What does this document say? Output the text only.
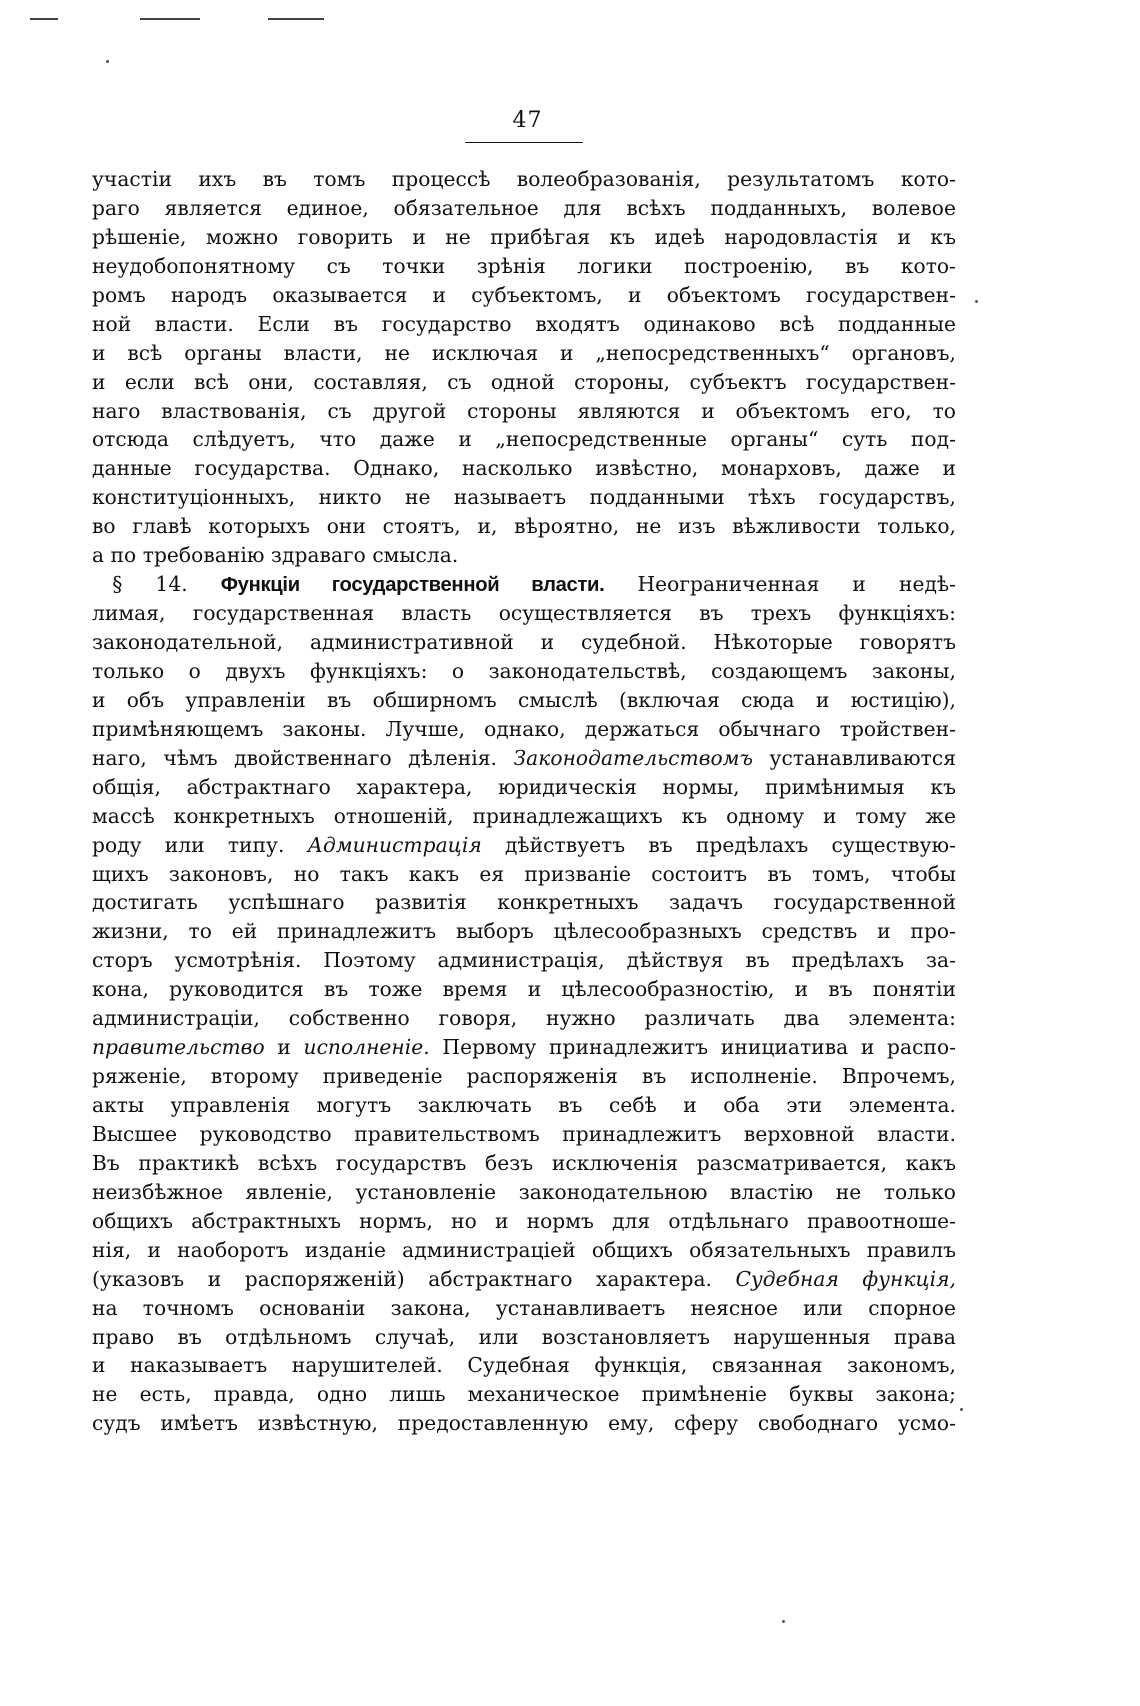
47
участiи ихъ въ томъ процессѣ волеобразованiя, результатомъ кото-
раго является единое, обязательное для всѣхъ подданныхъ, волевое
рѣшенiе, можно говорить и не прибѣгая къ идеѣ народовластiя и къ
неудобопонятному съ точки зрѣнiя логики построенiю, въ кото-
ромъ народъ оказывается и субъектомъ, и объектомъ государствен-
ной власти. Если въ государство входятъ одинаково всѣ подданные
и всѣ органы власти, не исключая и „непосредственныхъ“ органовъ,
и если всѣ они, составляя, съ одной стороны, субъектъ государствен-
наго властвованiя, съ другой стороны являются и объектомъ его, то
отсюда слѣдуетъ, что даже и „непосредственные органы“ суть под-
данные государства. Однако, насколько извѣстно, монарховъ, даже и
конституцiонныхъ, никто не называетъ подданными тѣхъ государствъ,
во главѣ которыхъ они стоятъ, и, вѣроятно, не изъ вѣжливости только,
а по требованiю здраваго смысла.
 § 14. Функцiи государственной власти. Неограниченная и недѣ-
лимая, государственная власть осуществляется въ трехъ функцiяхъ:
законодательной, административной и судебной. Нѣкоторые говорятъ
только о двухъ функцiяхъ: о законодательствѣ, создающемъ законы,
и объ управленiи въ обширномъ смыслѣ (включая сюда и юстицiю),
примѣняющемъ законы. Лучше, однако, держаться обычнаго тройствен-
наго, чѣмъ двойственнаго дѣленiя. Законодательствомъ устанавливаются
общiя, абстрактнаго характера, юридическiя нормы, примѣнимыя къ
массѣ конкретныхъ отношенiй, принадлежащихъ къ одному и тому же
роду или типу. Администрацiя дѣйствуетъ въ предѣлахъ существую-
щихъ законовъ, но такъ какъ ея призванiе состоитъ въ томъ, чтобы
достигать успѣшнаго развитiя конкретныхъ задачъ государственной
жизни, то ей принадлежитъ выборъ цѣлесообразныхъ средствъ и про-
сторъ усмотрѣнiя. Поэтому администрацiя, дѣйствуя въ предѣлахъ за-
кона, руководится въ тоже время и цѣлесообразностiю, и въ понятiи
администрацiи, собственно говоря, нужно различать два элемента:
правительство и исполненiе. Первому принадлежитъ инициатива и распо-
ряженiе, второму приведенiе распоряженiя въ исполненiе. Впрочемъ,
акты управленiя могутъ заключать въ себѣ и оба эти элемента.
Высшее руководство правительствомъ принадлежитъ верховной власти.
Въ практикѣ всѣхъ государствъ безъ исключенiя разсматривается, какъ
неизбѣжное явленiе, установленiе законодательною властiю не только
общихъ абстрактныхъ нормъ, но и нормъ для отдѣльнаго правоотноше-
нiя, и наоборотъ изданiе администрацiей общихъ обязательныхъ правилъ
(указовъ и распоряженiй) абстрактнаго характера. Судебная функцiя,
на точномъ основанiи закона, устанавливаетъ неясное или спорное
право въ отдѣльномъ случаѣ, или возстановляетъ нарушенныя права
и наказываетъ нарушителей. Судебная функцiя, связанная закономъ,
не есть, правда, одно лишь механическое примѣненiе буквы закона;
судъ имѣетъ извѣстную, предоставленную ему, сферу свободнаго усмо-
